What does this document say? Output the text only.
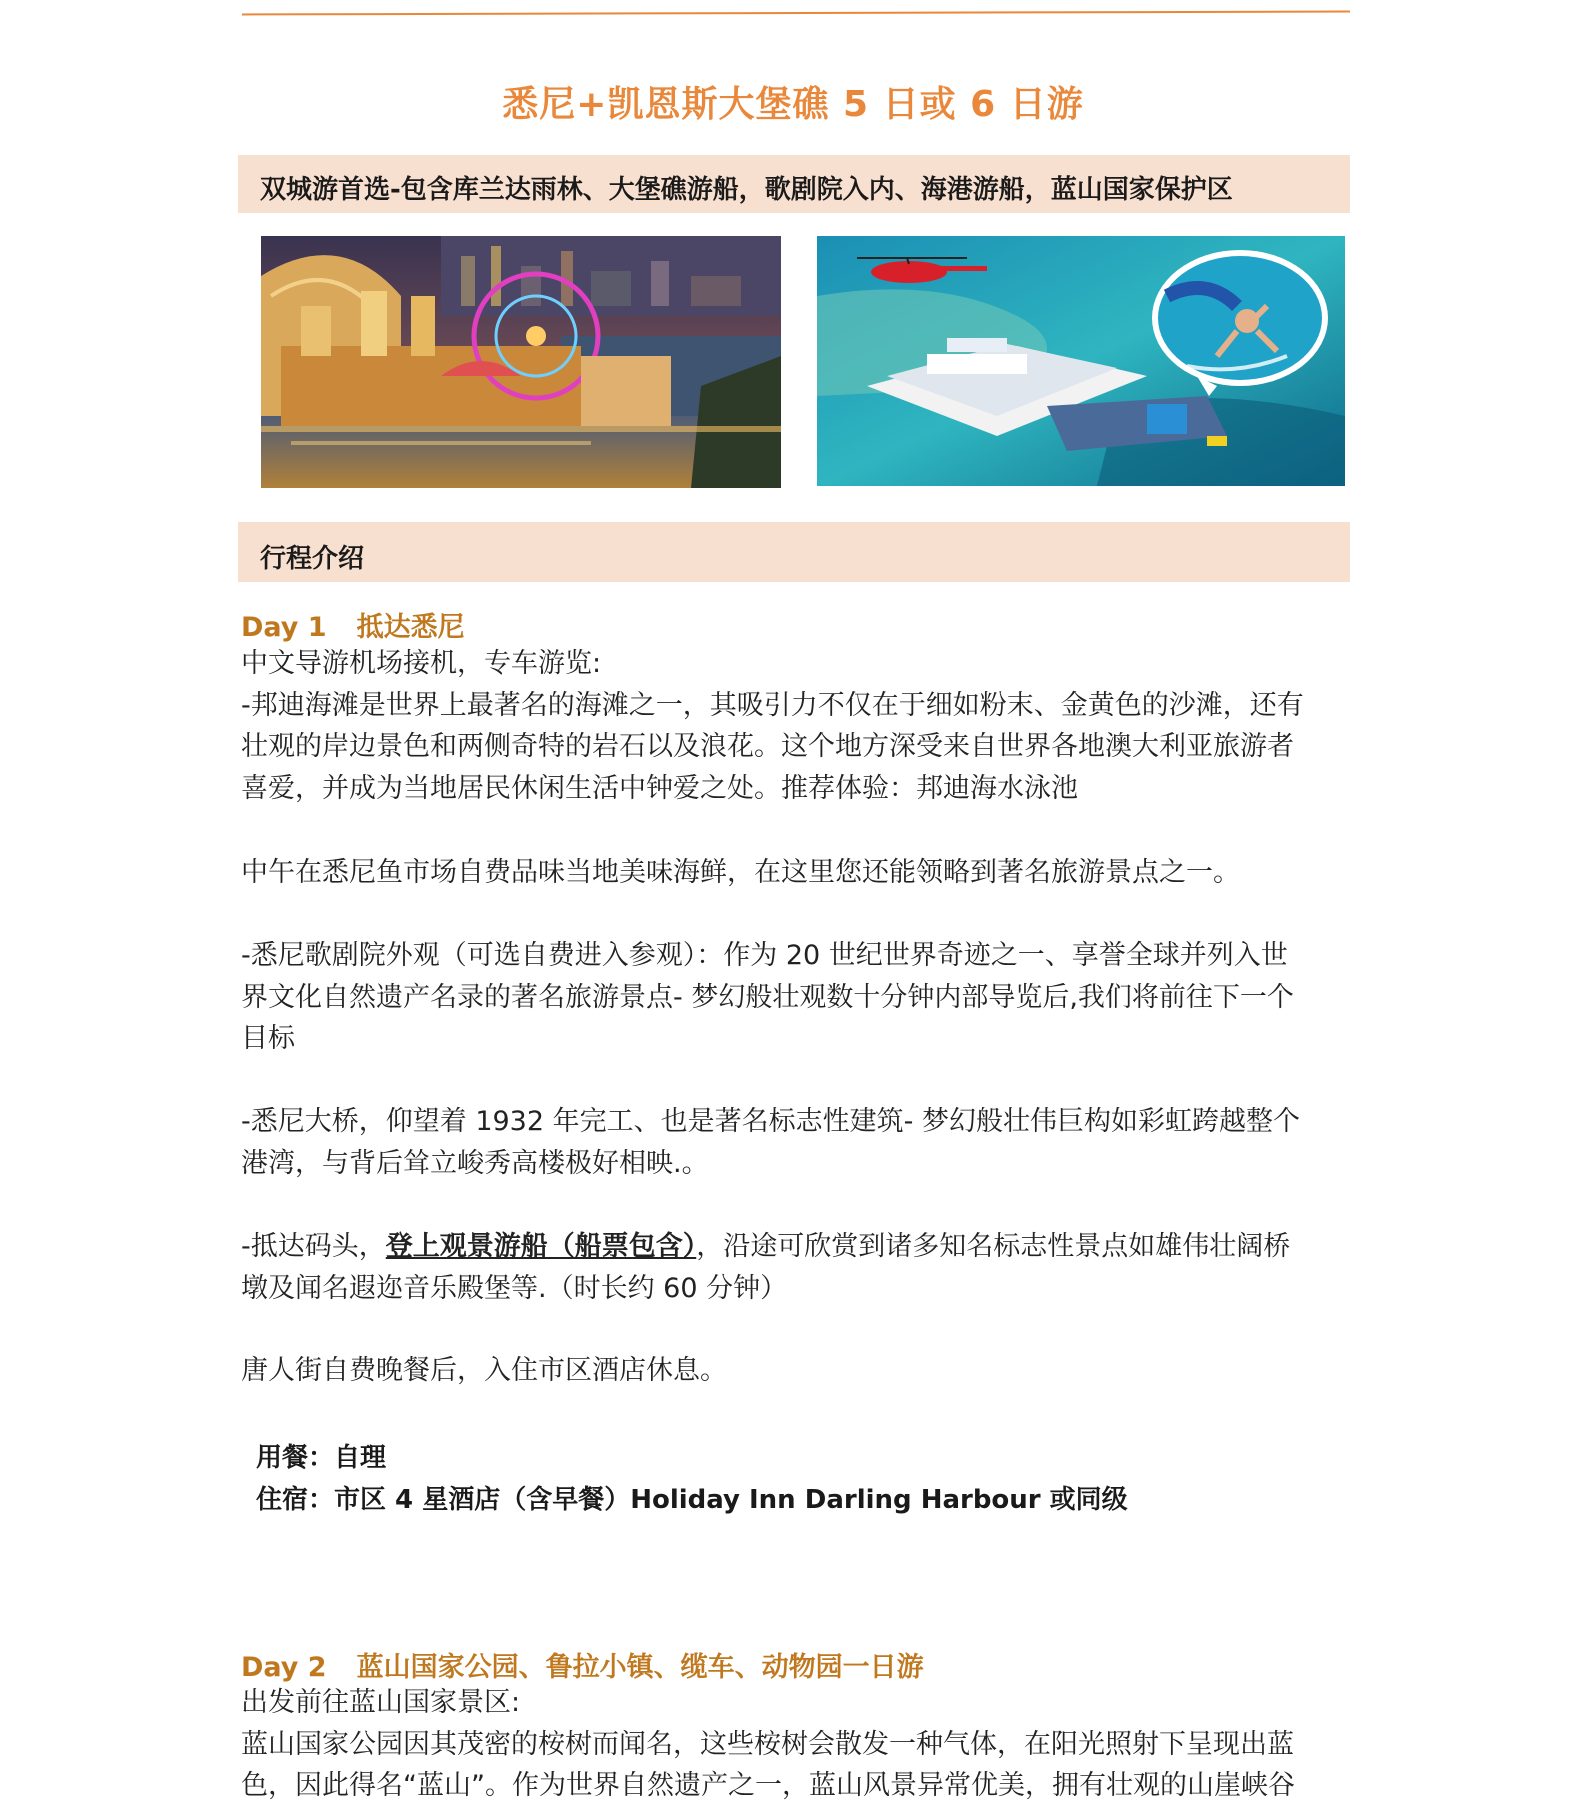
悉尼+凯恩斯大堡礁 5 日或 6 日游
双城游首选-包含库兰达雨林、大堡礁游船，歌剧院入内、海港游船，蓝山国家保护区
行程介绍
Day 1 抵达悉尼
中文导游机场接机，专车游览:
-邦迪海滩是世界上最著名的海滩之一，其吸引力不仅在于细如粉末、金黄色的沙滩，还有
壮观的岸边景色和两侧奇特的岩石以及浪花。这个地方深受来自世界各地澳大利亚旅游者
喜爱，并成为当地居民休闲生活中钟爱之处。推荐体验：邦迪海水泳池
中午在悉尼鱼市场自费品味当地美味海鲜，在这里您还能领略到著名旅游景点之一。
-悉尼歌剧院外观（可选自费进入参观）：作为 20 世纪世界奇迹之一、享誉全球并列入世
界文化自然遗产名录的著名旅游景点- 梦幻般壮观数十分钟内部导览后,我们将前往下一个
目标
-悉尼大桥，仰望着 1932 年完工、也是著名标志性建筑- 梦幻般壮伟巨构如彩虹跨越整个
港湾，与背后耸立峻秀高楼极好相映.。
-抵达码头，登上观景游船（船票包含），沿途可欣赏到诸多知名标志性景点如雄伟壮阔桥
墩及闻名遐迩音乐殿堡等.（时长约 60 分钟）
唐人街自费晚餐后，入住市区酒店休息。
用餐：自理
住宿：市区 4 星酒店（含早餐）Holiday Inn Darling Harbour 或同级
Day 2 蓝山国家公园、鲁拉小镇、缆车、动物园一日游
出发前往蓝山国家景区:
蓝山国家公园因其茂密的桉树而闻名，这些桉树会散发一种气体，在阳光照射下呈现出蓝
色，因此得名“蓝山”。作为世界自然遗产之一，蓝山风景异常优美，拥有壮观的山崖峡谷
